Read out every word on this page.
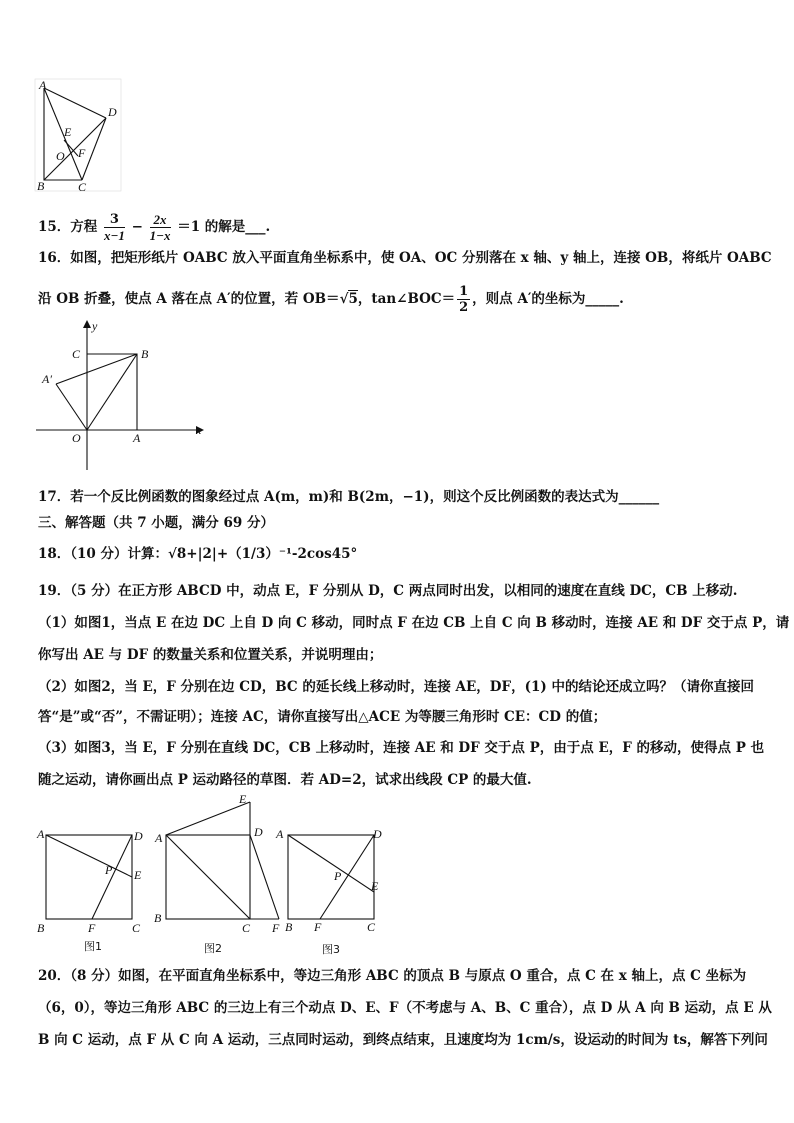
A
D
E
F
O
B	C
15．方程 $\frac{3}{x-1} - \frac{2x}{1-x} =1$ 的解是___.
16．如图，把矩形纸片 OABC 放入平面直角坐标系中，使 OA、OC 分别落在 x 轴、y 轴上，连接 OB，将纸片 OABC
沿 OB 折叠，使点 A 落在点 A′的位置，若 OB＝√5，tan∠BOC＝ $\frac{1}{2}$ ，则点 A′的坐标为_____.
y
C	B
A′
O	A
x
17．若一个反比例函数的图象经过点 A(m，m)和 B(2m，−1)，则这个反比例函数的表达式为______
三、解答题（共 7 小题，满分 69 分）
18．（10 分）计算：√8+|2|+（1/3）⁻¹-2cos45°
19．（5 分）在正方形 ABCD 中，动点 E，F 分别从 D，C 两点同时出发，以相同的速度在直线 DC，CB 上移动.
（1）如图1，当点 E 在边 DC 上自 D 向 C 移动，同时点 F 在边 CB 上自 C 向 B 移动时，连接 AE 和 DF 交于点 P，请
你写出 AE 与 DF 的数量关系和位置关系，并说明理由；
（2）如图2，当 E，F 分别在边 CD，BC 的延长线上移动时，连接 AE，DF，(1) 中的结论还成立吗？（请你直接回
答“是”或“否”，不需证明）；连接 AC，请你直接写出△ACE 为等腰三角形时 CE：CD 的值；
（3）如图3，当 E，F 分别在直线 DC，CB 上移动时，连接 AE 和 DF 交于点 P，由于点 E，F 的移动，使得点 P 也
随之运动，请你画出点 P 运动路径的草图．若 AD=2，试求出线段 CP 的最大值.
A	D
P E
B	F	C
图1
E
D
A
B
C F
图2
A	D
P
E
B F	C
图3
20．（8 分）如图，在平面直角坐标系中，等边三角形 ABC 的顶点 B 与原点 O 重合，点 C 在 x 轴上，点 C 坐标为
（6，0），等边三角形 ABC 的三边上有三个动点 D、E、F（不考虑与 A、B、C 重合），点 D 从 A 向 B 运动，点 E 从
B 向 C 运动，点 F 从 C 向 A 运动，三点同时运动，到终点结束，且速度均为 1cm/s，设运动的时间为 ts，解答下列问
